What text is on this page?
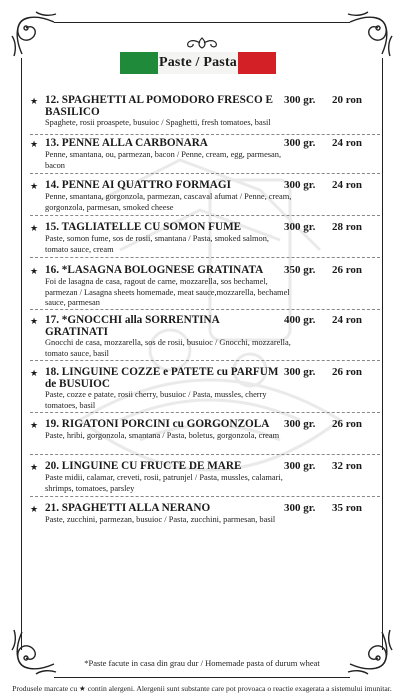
Paste / Pasta
★ 12. SPAGHETTI AL POMODORO FRESCO E BASILICO
300 gr.	20 ron
Spaghete, rosii proaspete, busuioc / Spaghetti, fresh tomatoes, basil
★ 13. PENNE ALLA CARBONARA	300 gr.	24 ron
Penne, smantana, ou, parmezan, bacon / Penne, cream, egg, parmesan, bacon
★ 14. PENNE AI QUATTRO FORMAGI	300 gr.	24 ron
Penne, smantana, gorgonzola, parmezan, cascaval afumat / Penne, cream, gorgonzola, parmesan, smoked cheese
★ 15. TAGLIATELLE CU SOMON FUME	300 gr.	28 ron
Paste, somon fume, sos de rosii, smantana / Pasta, smoked salmon, tomato sauce, cream
★ 16. *LASAGNA BOLOGNESE GRATINATA	350 gr.	26 ron
Foi de lasagna de casa, ragout de carne, mozzarella, sos bechamel, parmezan / Lasagna sheets homemade, meat sauce,mozzarella, bechamel sauce, parmesan
★ 17. *GNOCCHI alla SORRENTINA GRATINATI
400 gr.	24 ron
Gnocchi de casa, mozzarella, sos de rosii, busuioc / Gnocchi, mozzarella, tomato sauce, basil
★ 18. LINGUINE COZZE e PATETE cu PARFUM de BUSUIOC
300 gr.	26 ron
Paste, cozze e patate, rosii cherry, busuioc / Pasta, mussles, cherry tomatoes, basil
★ 19. RIGATONI PORCINI cu GORGONZOLA	300 gr.	26 ron
Paste, hribi, gorgonzola, smantana / Pasta, boletus, gorgonzola, cream
★ 20. LINGUINE CU FRUCTE DE MARE	300 gr.	32 ron
Paste midii, calamar, creveti, rosii, patrunjel / Pasta, mussles, calamari, shrimps, tomatoes, parsley
★ 21. SPAGHETTI ALLA NERANO	300 gr.	35 ron
Paste, zucchini, parmezan, busuioc / Pasta, zucchini, parmesan, basil
*Paste facute in casa din grau dur / Homemade pasta of durum wheat
Produsele marcate cu ★ contin alergeni. Alergenii sunt substante care pot provoaca o reactie exagerata a sistemului imunitar.
